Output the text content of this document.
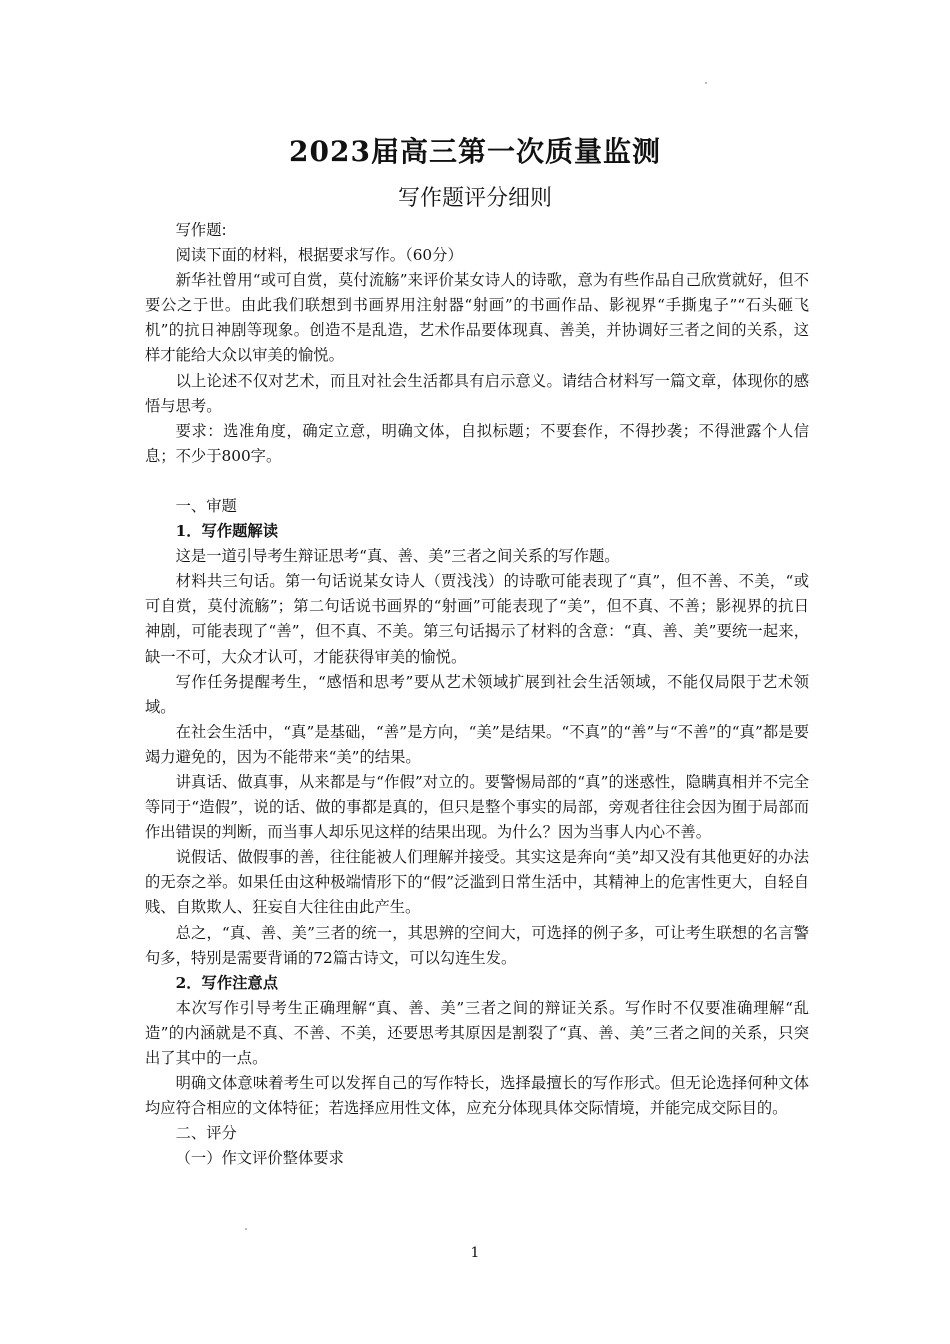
2023届高三第一次质量监测
写作题评分细则

写作题:

阅读下面的材料，根据要求写作。（60分）

新华社曾用“或可自赏，莫付流觞”来评价某女诗人的诗歌，意为有些作品自己欣赏就好，但不要公之于世。由此我们联想到书画界用注射器“射画”的书画作品、影视界“手撕鬼子”“石头砸飞机”的抗日神剧等现象。创造不是乱造，艺术作品要体现真、善美，并协调好三者之间的关系，这样才能给大众以审美的愉悦。

以上论述不仅对艺术，而且对社会生活都具有启示意义。请结合材料写一篇文章，体现你的感悟与思考。

要求：选准角度，确定立意，明确文体，自拟标题；不要套作，不得抄袭；不得泄露个人信息；不少于800字。

一、审题

1．写作题解读

这是一道引导考生辩证思考“真、善、美”三者之间关系的写作题。

材料共三句话。第一句话说某女诗人（贾浅浅）的诗歌可能表现了“真”，但不善、不美，“或可自赏，莫付流觞”；第二句话说书画界的“射画”可能表现了“美”，但不真、不善；影视界的抗日神剧，可能表现了“善”，但不真、不美。第三句话揭示了材料的含意：“真、善、美”要统一起来，缺一不可，大众才认可，才能获得审美的愉悦。

写作任务提醒考生，“感悟和思考”要从艺术领域扩展到社会生活领域，不能仅局限于艺术领域。

在社会生活中，“真”是基础，“善”是方向，“美”是结果。“不真”的“善”与“不善”的“真”都是要竭力避免的，因为不能带来“美”的结果。

讲真话、做真事，从来都是与“作假”对立的。要警惕局部的“真”的迷惑性，隐瞒真相并不完全等同于“造假”，说的话、做的事都是真的，但只是整个事实的局部，旁观者往往会因为囿于局部而作出错误的判断，而当事人却乐见这样的结果出现。为什么？因为当事人内心不善。

说假话、做假事的善，往往能被人们理解并接受。其实这是奔向“美”却又没有其他更好的办法的无奈之举。如果任由这种极端情形下的“假”泛滥到日常生活中，其精神上的危害性更大，自轻自贱、自欺欺人、狂妄自大往往由此产生。

总之，“真、善、美”三者的统一，其思辨的空间大，可选择的例子多，可让考生联想的名言警句多，特别是需要背诵的72篇古诗文，可以勾连生发。

2．写作注意点

本次写作引导考生正确理解“真、善、美”三者之间的辩证关系。写作时不仅要准确理解“乱造”的内涵就是不真、不善、不美，还要思考其原因是割裂了“真、善、美”三者之间的关系，只突出了其中的一点。

明确文体意味着考生可以发挥自己的写作特长，选择最擅长的写作形式。但无论选择何种文体均应符合相应的文体特征；若选择应用性文体，应充分体现具体交际情境，并能完成交际目的。

二、评分

（一）作文评价整体要求

1
